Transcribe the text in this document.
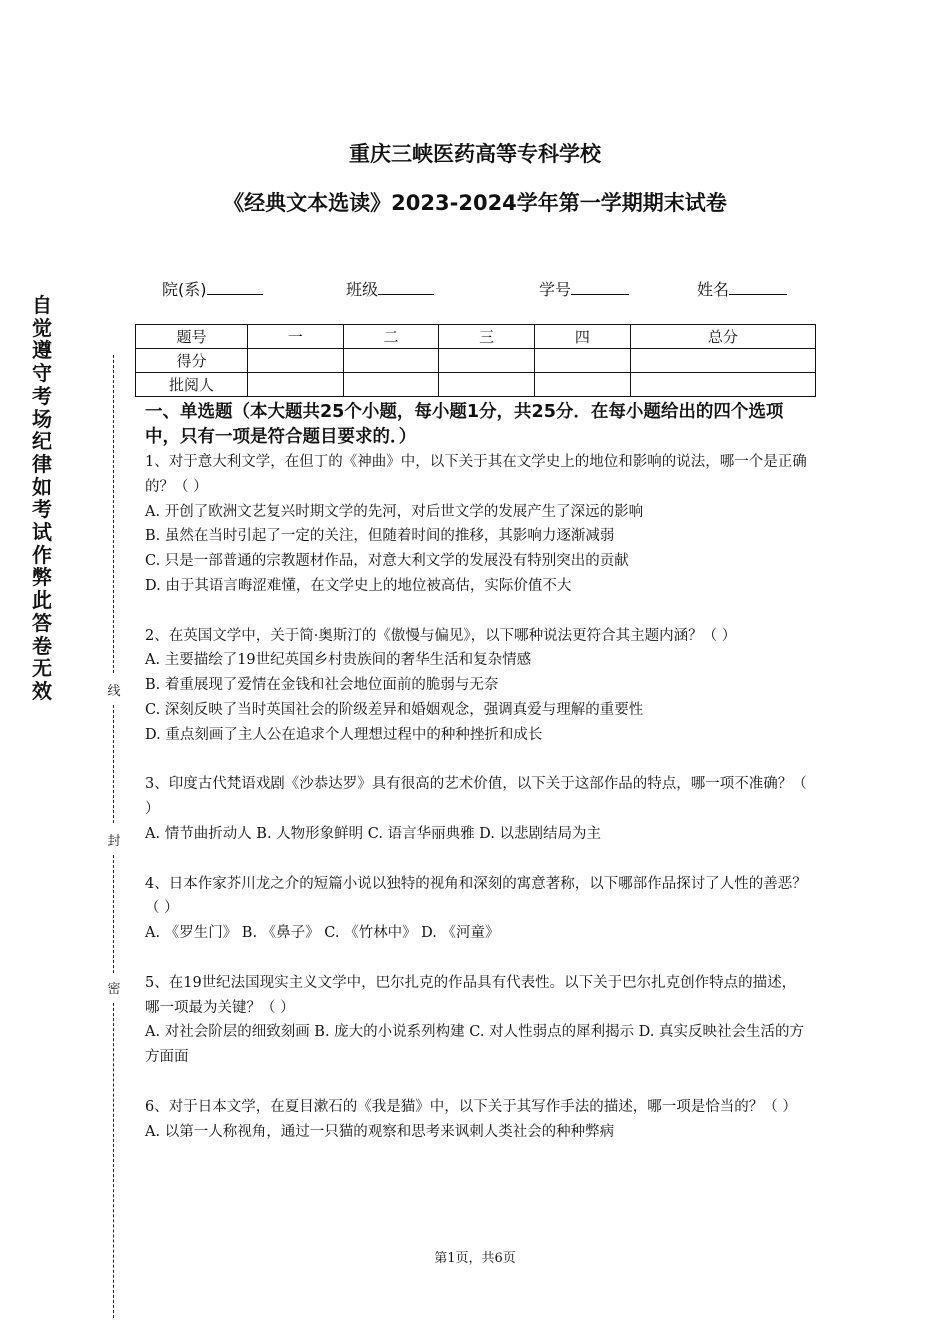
重庆三峡医药高等专科学校
《经典文本选读》2023-2024学年第一学期期末试卷
院(系)	班级	学号	姓名
题号	一	二	三	四	总分
得分					
批阅人					
自觉遵守考场纪律如考试作弊此答卷无效	线
封
密

一、单选题（本大题共25个小题，每小题1分，共25分．在每小题给出的四个选项中，只有一项是符合题目要求的．）

1、对于意大利文学，在但丁的《神曲》中，以下关于其在文学史上的地位和影响的说法，哪一个是正确的？（ ）

A. 开创了欧洲文艺复兴时期文学的先河，对后世文学的发展产生了深远的影响

B. 虽然在当时引起了一定的关注，但随着时间的推移，其影响力逐渐减弱

C. 只是一部普通的宗教题材作品，对意大利文学的发展没有特别突出的贡献

D. 由于其语言晦涩难懂，在文学史上的地位被高估，实际价值不大

2、在英国文学中，关于简·奥斯汀的《傲慢与偏见》，以下哪种说法更符合其主题内涵？（ ）

A. 主要描绘了19世纪英国乡村贵族间的奢华生活和复杂情感

B. 着重展现了爱情在金钱和社会地位面前的脆弱与无奈

C. 深刻反映了当时英国社会的阶级差异和婚姻观念，强调真爱与理解的重要性

D. 重点刻画了主人公在追求个人理想过程中的种种挫折和成长

3、印度古代梵语戏剧《沙恭达罗》具有很高的艺术价值，以下关于这部作品的特点，哪一项不准确？（ ）

A. 情节曲折动人 B. 人物形象鲜明 C. 语言华丽典雅 D. 以悲剧结局为主

4、日本作家芥川龙之介的短篇小说以独特的视角和深刻的寓意著称，以下哪部作品探讨了人性的善恶？（ ）

A. 《罗生门》 B. 《鼻子》 C. 《竹林中》 D. 《河童》

5、在19世纪法国现实主义文学中，巴尔扎克的作品具有代表性。以下关于巴尔扎克创作特点的描述，哪一项最为关键？（ ）

A. 对社会阶层的细致刻画 B. 庞大的小说系列构建 C. 对人性弱点的犀利揭示 D. 真实反映社会生活的方方面面

6、对于日本文学，在夏目漱石的《我是猫》中，以下关于其写作手法的描述，哪一项是恰当的？（ ）

A. 以第一人称视角，通过一只猫的观察和思考来讽刺人类社会的种种弊病

第1页，共6页
